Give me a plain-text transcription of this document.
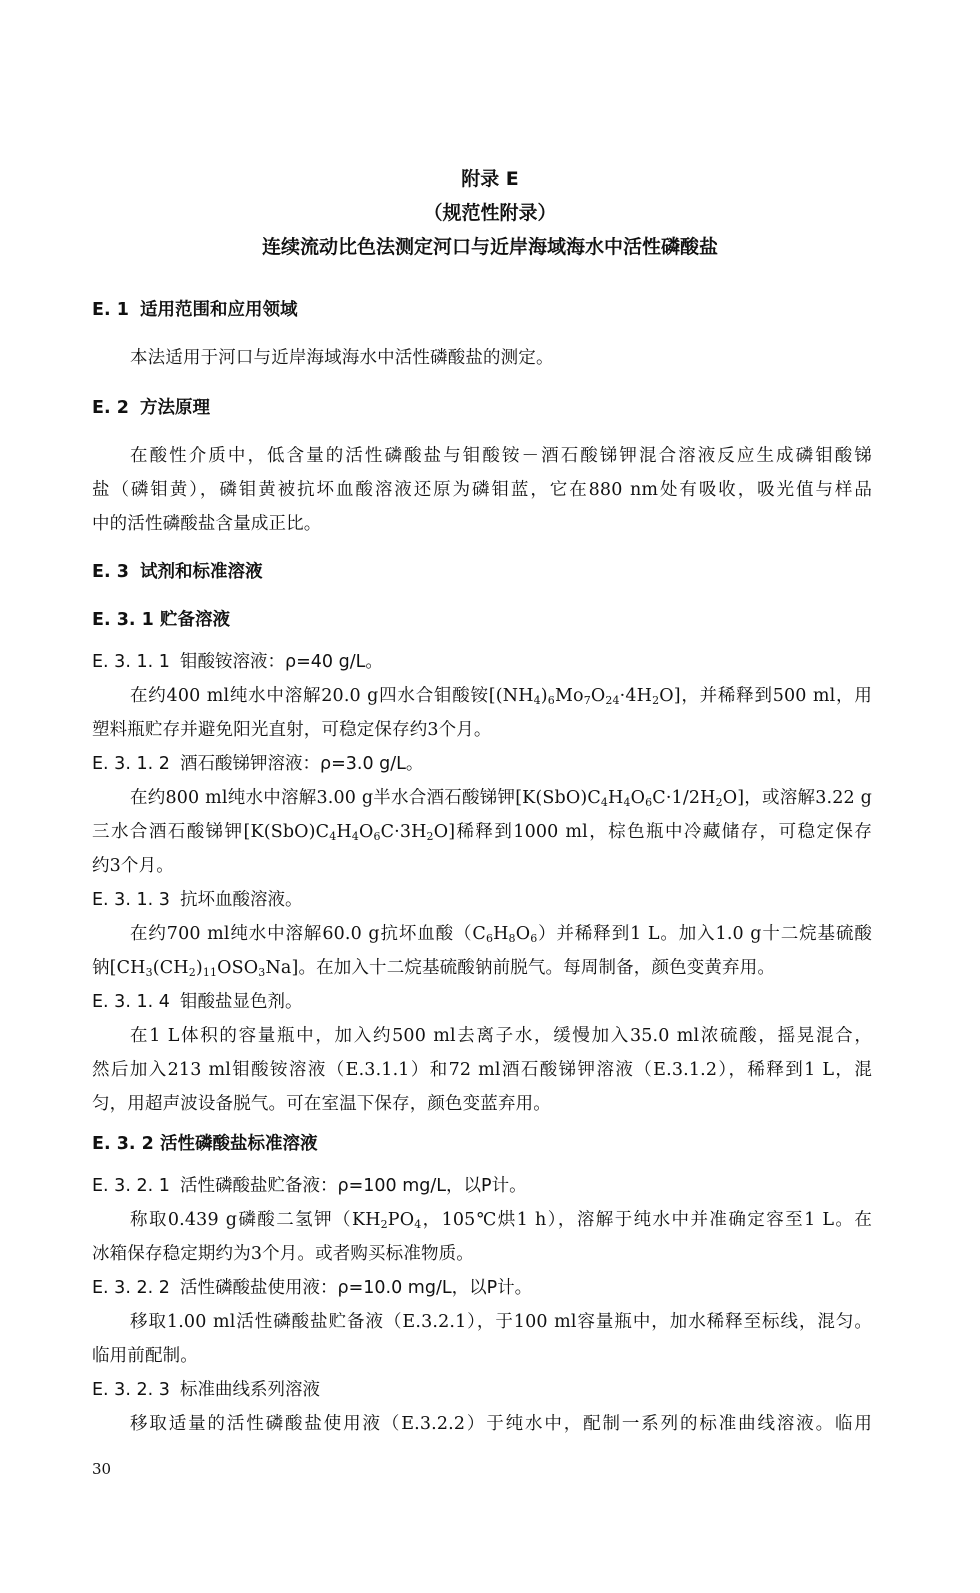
附录 E
（规范性附录）
连续流动比色法测定河口与近岸海域海水中活性磷酸盐
E. 1 适用范围和应用领域
本法适用于河口与近岸海域海水中活性磷酸盐的测定。
E. 2 方法原理
在酸性介质中，低含量的活性磷酸盐与钼酸铵－酒石酸锑钾混合溶液反应生成磷钼酸锑
盐（磷钼黄），磷钼黄被抗坏血酸溶液还原为磷钼蓝，它在880 nm处有吸收，吸光值与样品
中的活性磷酸盐含量成正比。
E. 3 试剂和标准溶液
E. 3. 1 贮备溶液
E. 3. 1. 1 钼酸铵溶液：ρ=40 g/L。
在约400 ml纯水中溶解20.0 g四水合钼酸铵$[(NH_4)_6Mo_7O_{24}\cdot 4H_2O]$，并稀释到500 ml，用
塑料瓶贮存并避免阳光直射，可稳定保存约3个月。
E. 3. 1. 2 酒石酸锑钾溶液：ρ=3.0 g/L。
在约800 ml纯水中溶解3.00 g半水合酒石酸锑钾$[K(SbO)C_4H_4O_6C\cdot 1/2H_2O]$，或溶解3.22 g
三水合酒石酸锑钾$[K(SbO)C_4H_4O_6C\cdot 3H_2O]$稀释到1000 ml，棕色瓶中冷藏储存，可稳定保存
约3个月。
E. 3. 1. 3 抗坏血酸溶液。
在约700 ml纯水中溶解60.0 g抗坏血酸$(C_6H_8O_6)$并稀释到1 L。加入1.0 g十二烷基硫酸
钠$[CH_3(CH_2)_{11}OSO_3Na]$。在加入十二烷基硫酸钠前脱气。每周制备，颜色变黄弃用。
E. 3. 1. 4 钼酸盐显色剂。
在1 L体积的容量瓶中，加入约500 ml去离子水，缓慢加入35.0 ml浓硫酸，摇晃混合，
然后加入213 ml钼酸铵溶液（E.3.1.1）和72 ml酒石酸锑钾溶液（E.3.1.2），稀释到1 L，混
匀，用超声波设备脱气。可在室温下保存，颜色变蓝弃用。
E. 3. 2 活性磷酸盐标准溶液
E. 3. 2. 1 活性磷酸盐贮备液：ρ=100 mg/L，以P计。
称取0.439 g磷酸二氢钾（$KH_2PO_4$，105℃烘1 h），溶解于纯水中并准确定容至1 L。在
冰箱保存稳定期约为3个月。或者购买标准物质。
E. 3. 2. 2 活性磷酸盐使用液：ρ=10.0 mg/L，以P计。
移取1.00 ml活性磷酸盐贮备液（E.3.2.1），于100 ml容量瓶中，加水稀释至标线，混匀。
临用前配制。
E. 3. 2. 3 标准曲线系列溶液
移取适量的活性磷酸盐使用液（E.3.2.2）于纯水中，配制一系列的标准曲线溶液。临用
30
